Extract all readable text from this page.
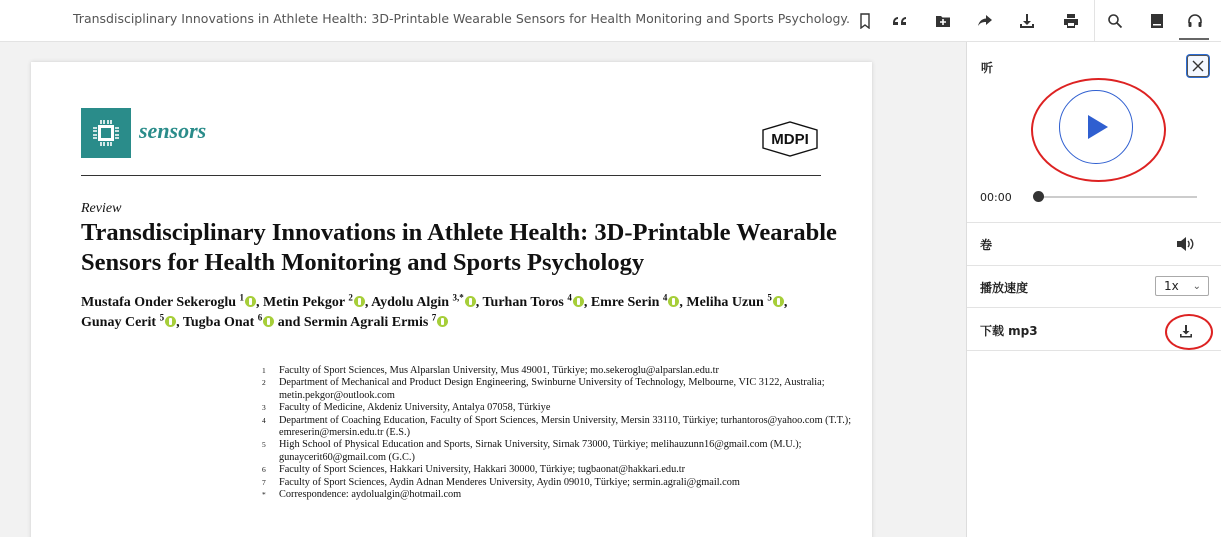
Transdisciplinary Innovations in Athlete Health: 3D-Printable Wearable Sensors for Health Monitoring and Sports Psychology.
sensors	MDPI
Review
Transdisciplinary Innovations in Athlete Health: 3D-Printable Wearable Sensors for Health Monitoring and Sports Psychology
Mustafa Onder Sekeroglu $^1$ , Metin Pekgor $^2$ , Aydolu Algin $^{3,*}$ , Turhan Toros $^4$ , Emre Serin $^4$ , Meliha Uzun $^5$ , Gunay Cerit $^5$ , Tugba Onat $^6$ and Sermin Agrali Ermis $^7$
1	Faculty of Sport Sciences, Mus Alparslan University, Mus 49001, Türkiye; mo.sekeroglu@alparslan.edu.tr
2	Department of Mechanical and Product Design Engineering, Swinburne University of Technology, Melbourne, VIC 3122, Australia; metin.pekgor@outlook.com
3	Faculty of Medicine, Akdeniz University, Antalya 07058, Türkiye
4	Department of Coaching Education, Faculty of Sport Sciences, Mersin University, Mersin 33110, Türkiye; turhantoros@yahoo.com (T.T.); emreserin@mersin.edu.tr (E.S.)
5	High School of Physical Education and Sports, Sirnak University, Sirnak 73000, Türkiye; melihauzunn16@gmail.com (M.U.); gunaycerit60@gmail.com (G.C.)
6	Faculty of Sport Sciences, Hakkari University, Hakkari 30000, Türkiye; tugbaonat@hakkari.edu.tr
7	Faculty of Sport Sciences, Aydin Adnan Menderes University, Aydin 09010, Türkiye; sermin.agrali@gmail.com
*	Correspondence: aydolualgin@hotmail.com
听
00:00
卷
播放速度	1x ⌄
下载 mp3
